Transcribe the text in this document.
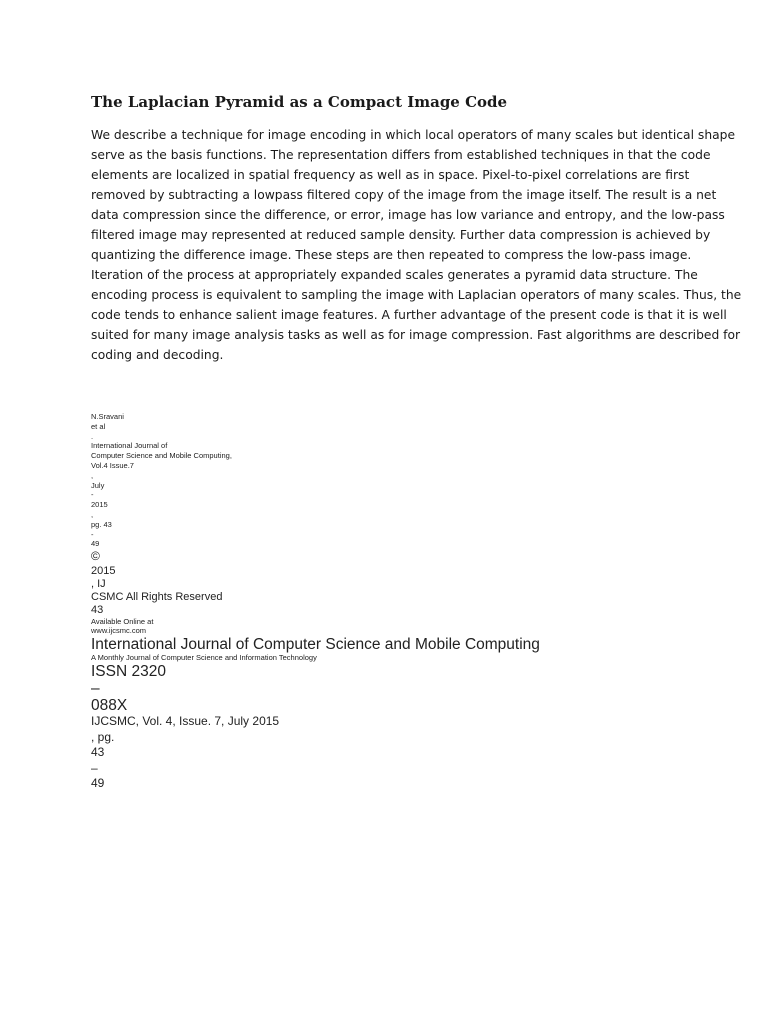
The Laplacian Pyramid as a Compact Image Code
We describe a technique for image encoding in which local operators of many scales but identical shape
serve as the basis functions. The representation differs from established techniques in that the code
elements are localized in spatial frequency as well as in space. Pixel-to-pixel correlations are first
removed by subtracting a lowpass filtered copy of the image from the image itself. The result is a net
data compression since the difference, or error, image has low variance and entropy, and the low-pass
filtered image may represented at reduced sample density. Further data compression is achieved by
quantizing the difference image. These steps are then repeated to compress the low-pass image.
Iteration of the process at appropriately expanded scales generates a pyramid data structure. The
encoding process is equivalent to sampling the image with Laplacian operators of many scales. Thus, the
code tends to enhance salient image features. A further advantage of the present code is that it is well
suited for many image analysis tasks as well as for image compression. Fast algorithms are described for
coding and decoding.
N.Sravani
et al
.
International Journal of
Computer Science and Mobile Computing,
Vol.4 Issue.7
,
July
-
2015
,
pg. 43
-
49
©
2015
, IJ
CSMC All Rights Reserved
43
Available Online at
www.ijcsmc.com
International Journal of Computer Science and Mobile Computing
A Monthly Journal of Computer Science and Information Technology
ISSN 2320
–
088X
IJCSMC, Vol. 4, Issue. 7, July 2015
, pg.
43
–
49
